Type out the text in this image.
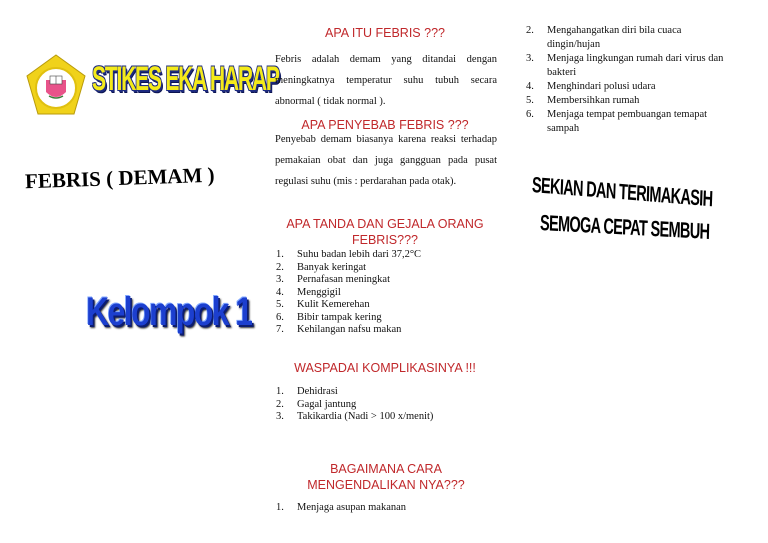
STIKES EKA HARAP
FEBRIS ( DEMAM )
Kelompok 1
APA ITU FEBRIS ???
Febris adalah demam yang ditandai dengan meningkatnya temperatur suhu tubuh secara abnormal ( tidak normal ).
APA PENYEBAB FEBRIS ???
Penyebab demam biasanya karena reaksi terhadap pemakaian obat dan juga gangguan pada pusat regulasi suhu (mis : perdarahan pada otak).
APA TANDA DAN GEJALA ORANG FEBRIS???
1. Suhu badan lebih dari 37,2°C
2. Banyak keringat
3. Pernafasan meningkat
4. Menggigil
5. Kulit Kemerehan
6. Bibir tampak kering
7. Kehilangan nafsu makan
WASPADAI KOMPLIKASINYA !!!
1. Dehidrasi
2. Gagal jantung
3. Takikardia (Nadi > 100 x/menit)
BAGAIMANA CARA MENGENDALIKAN NYA???
1. Menjaga asupan makanan
2. Mengahangatkan diri bila cuaca
dingin/hujan
3. Menjaga lingkungan rumah dari virus dan
bakteri
4. Menghindari polusi udara
5. Membersihkan rumah
6. Menjaga tempat pembuangan temapat
sampah
SEKIAN DAN TERIMAKASIH
SEMOGA CEPAT SEMBUH
